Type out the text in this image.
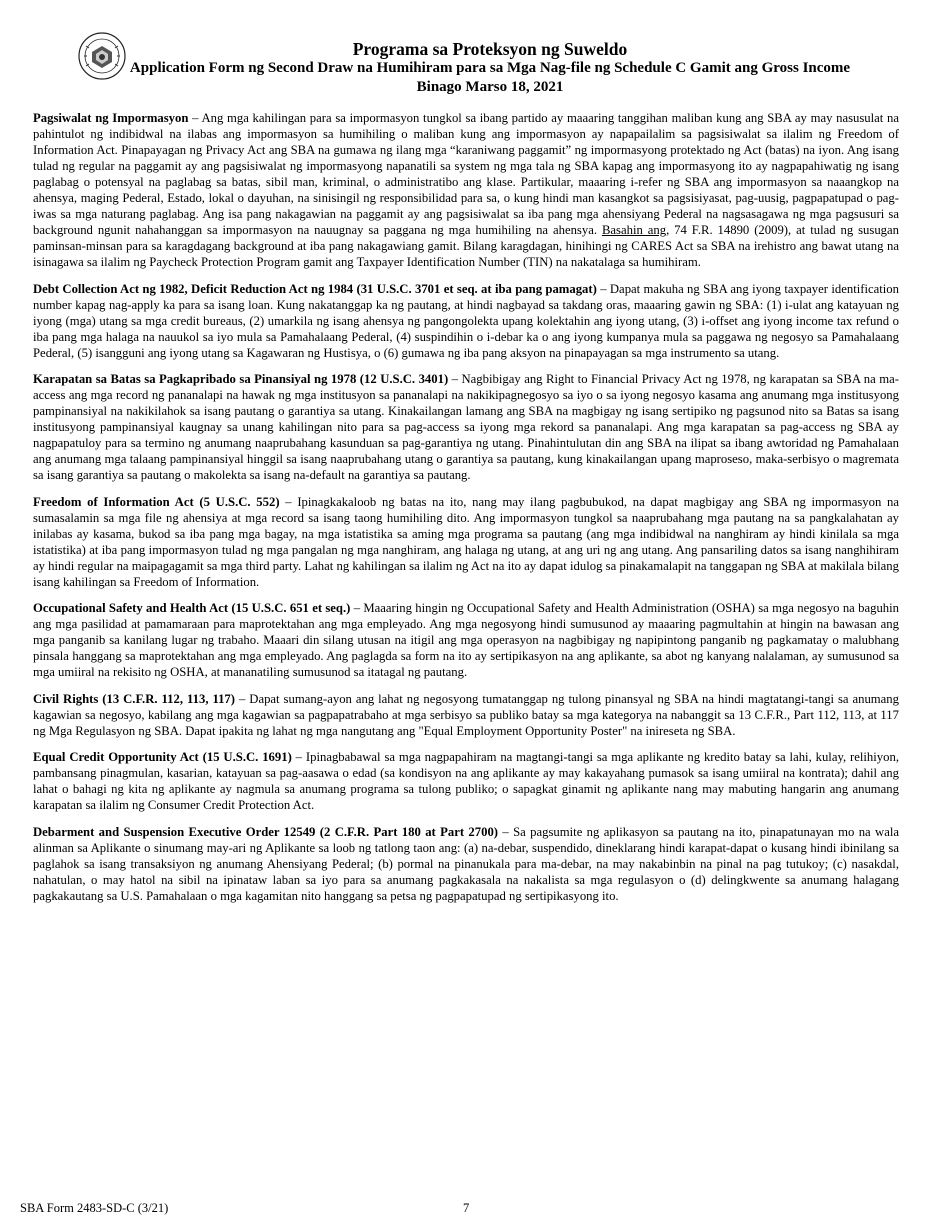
Programa sa Proteksyon ng Suweldo
Application Form ng Second Draw na Humihiram para sa Mga Nag-file ng Schedule C Gamit ang Gross Income
Binago Marso 18, 2021

Pagsiwalat ng Impormasyon – Ang mga kahilingan para sa impormasyon tungkol sa ibang partido ay maaaring tanggihan maliban kung ang SBA ay may nasusulat na pahintulot ng indibidwal na ilabas ang impormasyon sa humihiling o maliban kung ang impormasyon ay napapailalim sa pagsisiwalat sa ilalim ng Freedom of Information Act. Pinapayagan ng Privacy Act ang SBA na gumawa ng ilang mga “karaniwang paggamit” ng impormasyong protektado ng Act (batas) na iyon. Ang isang tulad ng regular na paggamit ay ang pagsisiwalat ng impormasyong napanatili sa system ng mga tala ng SBA kapag ang impormasyong ito ay nagpapahiwatig ng isang paglabag o potensyal na paglabag sa batas, sibil man, kriminal, o administratibo ang klase. Partikular, maaaring i-refer ng SBA ang impormasyon sa naaangkop na ahensya, maging Pederal, Estado, lokal o dayuhan, na sinisingil ng responsibilidad para sa, o kung hindi man kasangkot sa pagsisiyasat, pag-uusig, pagpapatupad o pag-iwas sa mga naturang paglabag. Ang isa pang nakagawian na paggamit ay ang pagsisiwalat sa iba pang mga ahensiyang Pederal na nagsasagawa ng mga pagsusuri sa background ngunit nahahanggan sa impormasyon na nauugnay sa paggana ng mga humihiling na ahensya. Basahin ang, 74 F.R. 14890 (2009), at tulad ng susugan paminsan-minsan para sa karagdagang background at iba pang nakagawiang gamit. Bilang karagdagan, hinihingi ng CARES Act sa SBA na irehistro ang bawat utang na isinagawa sa ilalim ng Paycheck Protection Program gamit ang Taxpayer Identification Number (TIN) na nakatalaga sa humihiram.

Debt Collection Act ng 1982, Deficit Reduction Act ng 1984 (31 U.S.C. 3701 et seq. at iba pang pamagat) – Dapat makuha ng SBA ang iyong taxpayer identification number kapag nag-apply ka para sa isang loan. Kung nakatanggap ka ng pautang, at hindi nagbayad sa takdang oras, maaaring gawin ng SBA: (1) i-ulat ang katayuan ng iyong (mga) utang sa mga credit bureaus, (2) umarkila ng isang ahensya ng pangongolekta upang kolektahin ang iyong utang, (3) i-offset ang iyong income tax refund o iba pang mga halaga na nauukol sa iyo mula sa Pamahalaang Pederal, (4) suspindihin o i-debar ka o ang iyong kumpanya mula sa paggawa ng negosyo sa Pamahalaang Pederal, (5) isangguni ang iyong utang sa Kagawaran ng Hustisya, o (6) gumawa ng iba pang aksyon na pinapayagan sa mga instrumento sa utang.

Karapatan sa Batas sa Pagkapribado sa Pinansiyal ng 1978 (12 U.S.C. 3401) – Nagbibigay ang Right to Financial Privacy Act ng 1978, ng karapatan sa SBA na ma-access ang mga record ng pananalapi na hawak ng mga institusyon sa pananalapi na nakikipagnegosyo sa iyo o sa iyong negosyo kasama ang anumang mga institusyong pampinansiyal na nakikilahok sa isang pautang o garantiya sa utang. Kinakailangan lamang ang SBA na magbigay ng isang sertipiko ng pagsunod nito sa Batas sa isang institusyong pampinansiyal kaugnay sa unang kahilingan nito para sa pag-access sa iyong mga rekord sa pananalapi. Ang mga karapatan sa pag-access ng SBA ay nagpapatuloy para sa termino ng anumang naaprubahang kasunduan sa pag-garantiya ng utang. Pinahintulutan din ang SBA na ilipat sa ibang awtoridad ng Pamahalaan ang anumang mga talaang pampinansiyal hinggil sa isang naaprubahang utang o garantiya sa pautang, kung kinakailangan upang maproseso, maka-serbisyo o magremata sa isang garantiya sa pautang o makolekta sa isang na-default na garantiya sa pautang.

Freedom of Information Act (5 U.S.C. 552) – Ipinagkakaloob ng batas na ito, nang may ilang pagbubukod, na dapat magbigay ang SBA ng impormasyon na sumasalamin sa mga file ng ahensiya at mga record sa isang taong humihiling dito. Ang impormasyon tungkol sa naaprubahang mga pautang na sa pangkalahatan ay inilabas ay kasama, bukod sa iba pang mga bagay, na mga istatistika sa aming mga programa sa pautang (ang mga indibidwal na nanghiram ay hindi kinilala sa mga istatistika) at iba pang impormasyon tulad ng mga pangalan ng mga nanghiram, ang halaga ng utang, at ang uri ng ang utang. Ang pansariling datos sa isang nanghihiram ay hindi regular na maipagagamit sa mga third party. Lahat ng kahilingan sa ilalim ng Act na ito ay dapat idulog sa pinakamalapit na tanggapan ng SBA at makilala bilang isang kahilingan sa Freedom of Information.

Occupational Safety and Health Act (15 U.S.C. 651 et seq.) – Maaaring hingin ng Occupational Safety and Health Administration (OSHA) sa mga negosyo na baguhin ang mga pasilidad at pamamaraan para maprotektahan ang mga empleyado. Ang mga negosyong hindi sumusunod ay maaaring pagmultahin at hingin na bawasan ang mga panganib sa kanilang lugar ng trabaho. Maaari din silang utusan na itigil ang mga operasyon na nagbibigay ng napipintong panganib ng pagkamatay o malubhang pinsala hanggang sa maprotektahan ang mga empleyado. Ang paglagda sa form na ito ay sertipikasyon na ang aplikante, sa abot ng kanyang nalalaman, ay sumusunod sa mga umiiral na rekisito ng OSHA, at mananatiling sumusunod sa itatagal ng pautang.

Civil Rights (13 C.F.R. 112, 113, 117) – Dapat sumang-ayon ang lahat ng negosyong tumatanggap ng tulong pinansyal ng SBA na hindi magtatangi-tangi sa anumang kagawian sa negosyo, kabilang ang mga kagawian sa pagpapatrabaho at mga serbisyo sa publiko batay sa mga kategorya na nabanggit sa 13 C.F.R., Part 112, 113, at 117 ng Mga Regulasyon ng SBA. Dapat ipakita ng lahat ng mga nangutang ang "Equal Employment Opportunity Poster" na inireseta ng SBA.

Equal Credit Opportunity Act (15 U.S.C. 1691) – Ipinagbabawal sa mga nagpapahiram na magtangi-tangi sa mga aplikante ng kredito batay sa lahi, kulay, relihiyon, pambansang pinagmulan, kasarian, katayuan sa pag-aasawa o edad (sa kondisyon na ang aplikante ay may kakayahang pumasok sa isang umiiral na kontrata); dahil ang lahat o bahagi ng kita ng aplikante ay nagmula sa anumang programa sa tulong publiko; o sapagkat ginamit ng aplikante nang may mabuting hangarin ang anumang karapatan sa ilalim ng Consumer Credit Protection Act.

Debarment and Suspension Executive Order 12549 (2 C.F.R. Part 180 at Part 2700) – Sa pagsumite ng aplikasyon sa pautang na ito, pinapatunayan mo na wala alinman sa Aplikante o sinumang may-ari ng Aplikante sa loob ng tatlong taon ang: (a) na-debar, suspendido, dineklarang hindi karapat-dapat o kusang hindi ibinilang sa paglahok sa isang transaksiyon ng anumang Ahensiyang Pederal; (b) pormal na pinanukala para ma-debar, na may nakabinbin na pinal na pag tutukoy; (c) nasakdal, nahatulan, o may hatol na sibil na ipinataw laban sa iyo para sa anumang pagkakasala na nakalista sa mga regulasyon o (d) delingkwente sa anumang halagang pagkakautang sa U.S. Pamahalaan o mga kagamitan nito hanggang sa petsa ng pagpapatupad ng sertipikasyong ito.

SBA Form 2483-SD-C (3/21)	7
